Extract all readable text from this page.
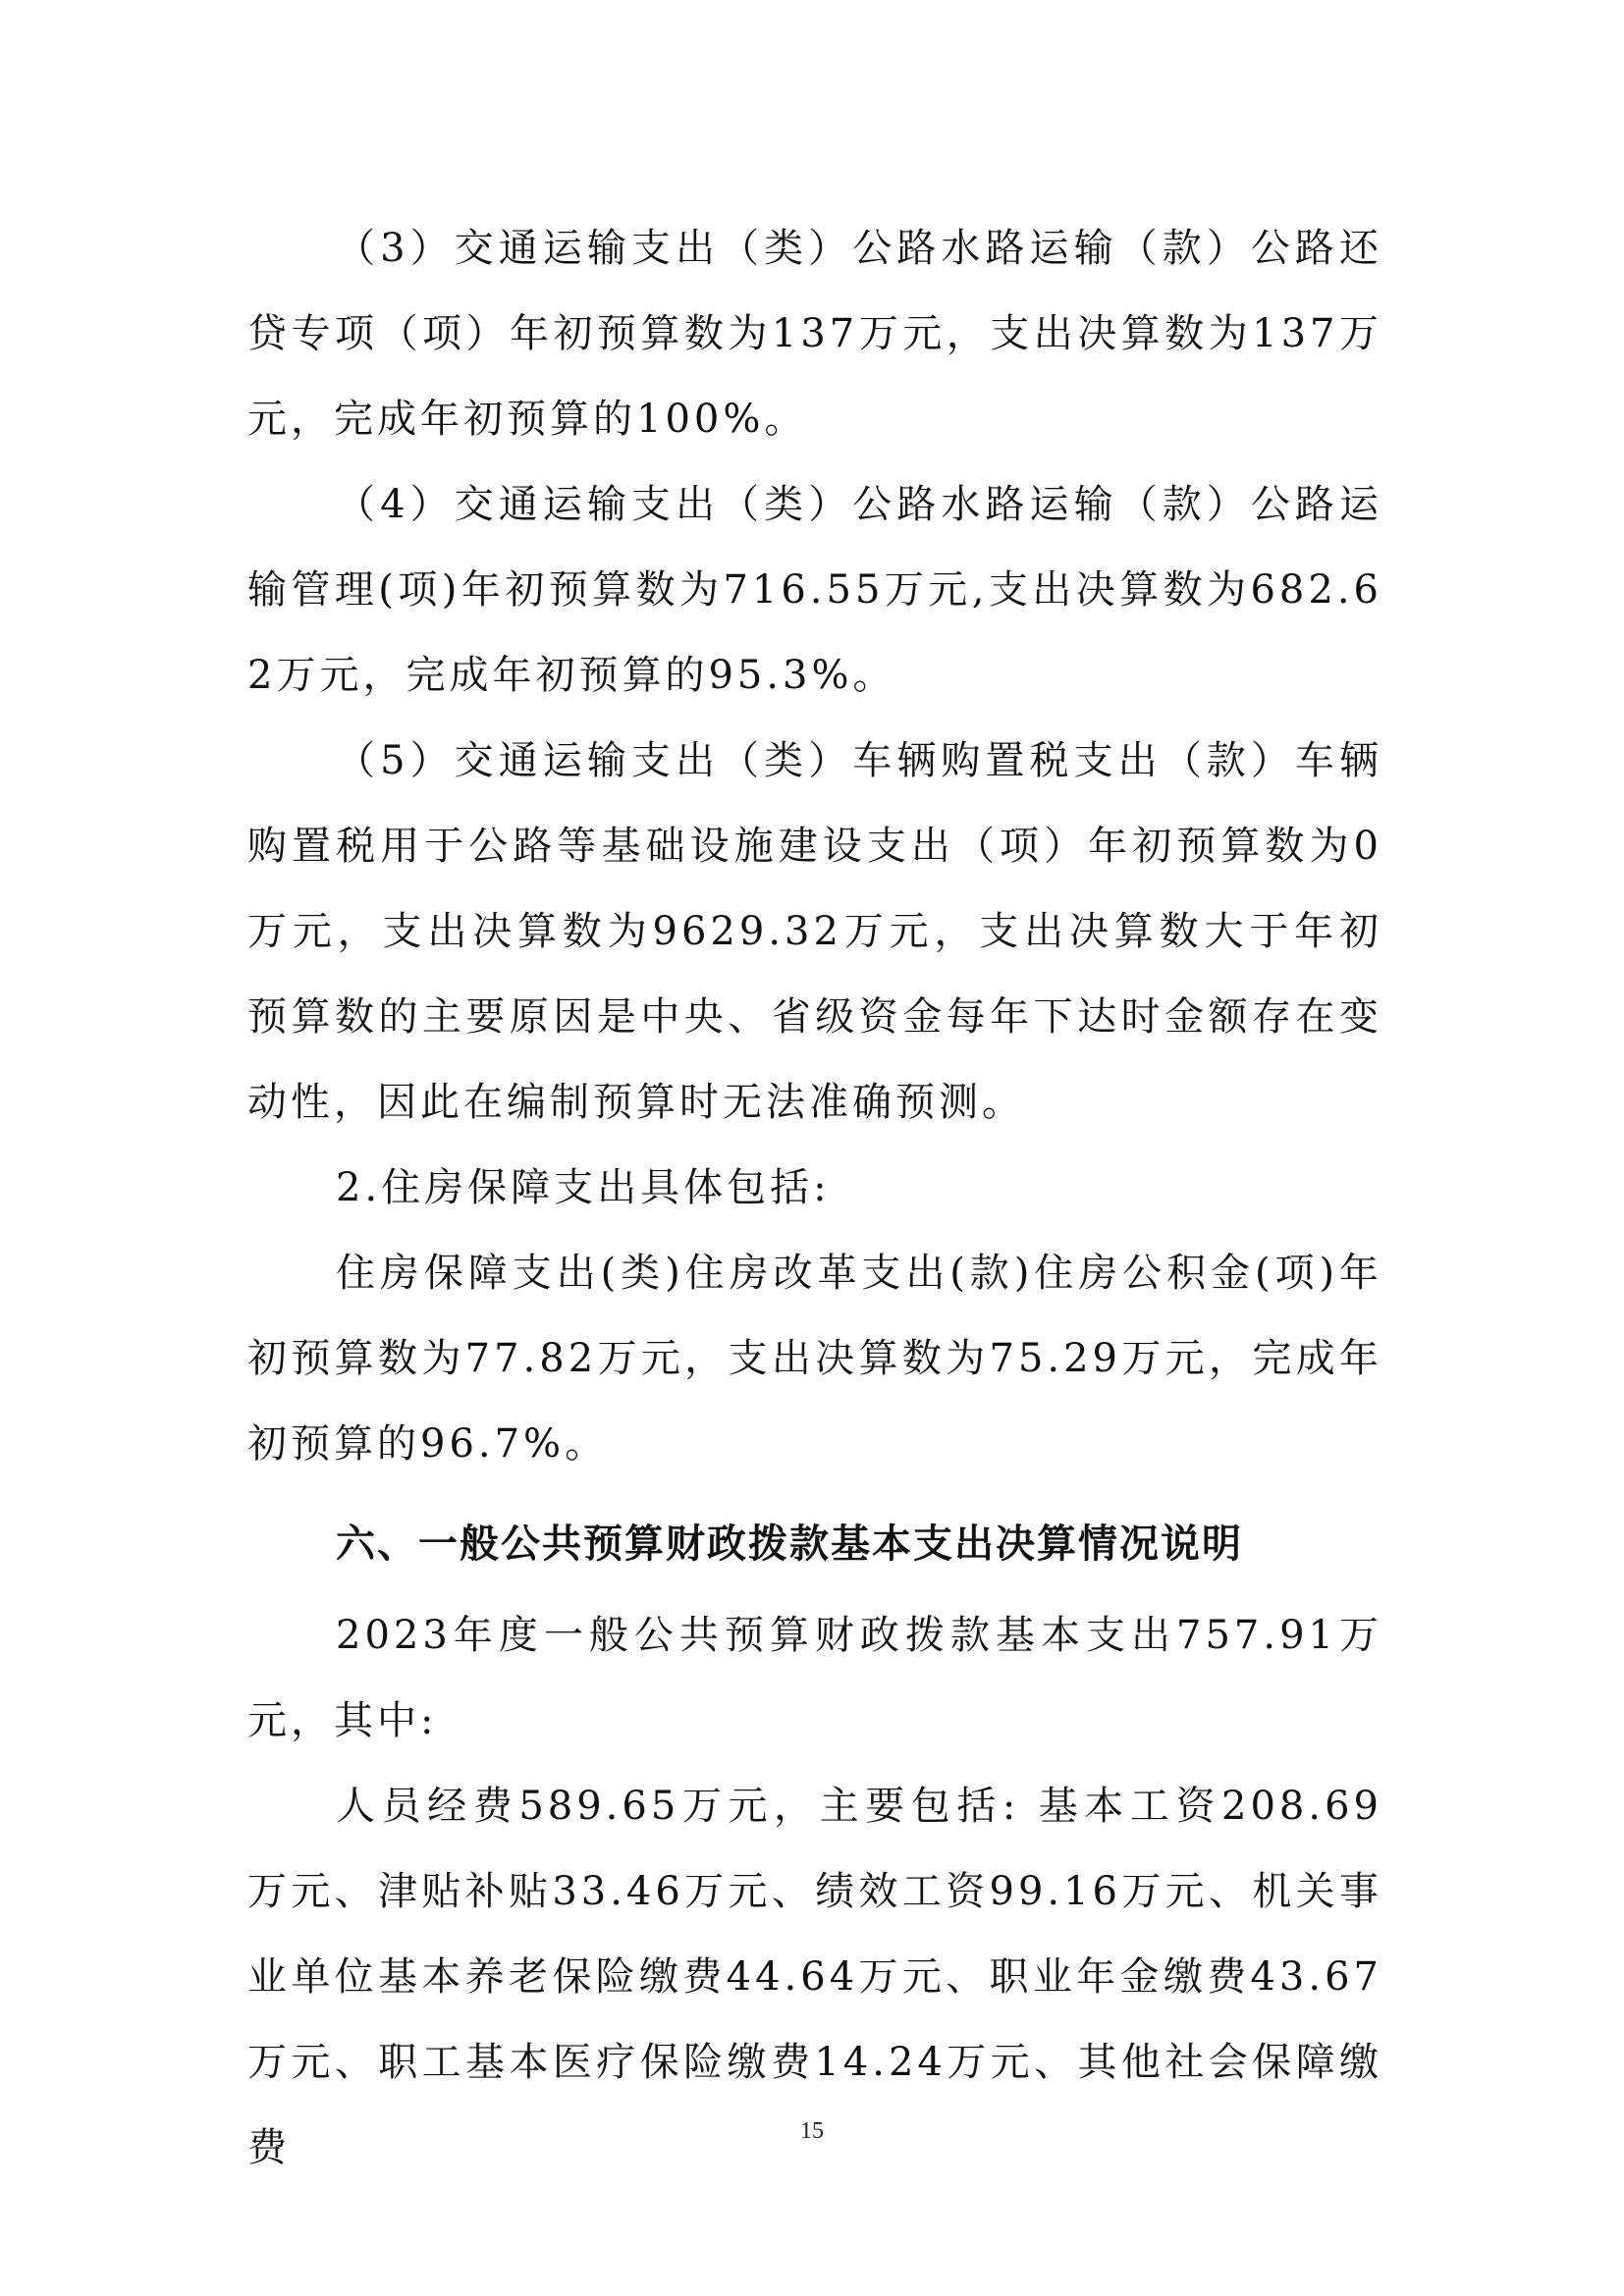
（3）交通运输支出（类）公路水路运输（款）公路还贷专项（项）年初预算数为137万元，支出决算数为137万元，完成年初预算的100%。

（4）交通运输支出（类）公路水路运输（款）公路运输管理(项)年初预算数为716.55万元,支出决算数为682.62万元，完成年初预算的95.3%。

（5）交通运输支出（类）车辆购置税支出（款）车辆购置税用于公路等基础设施建设支出（项）年初预算数为0万元，支出决算数为9629.32万元，支出决算数大于年初预算数的主要原因是中央、省级资金每年下达时金额存在变动性，因此在编制预算时无法准确预测。

2.住房保障支出具体包括:

住房保障支出(类)住房改革支出(款)住房公积金(项)年初预算数为77.82万元，支出决算数为75.29万元，完成年初预算的96.7%。

六、一般公共预算财政拨款基本支出决算情况说明

2023年度一般公共预算财政拨款基本支出757.91万元，其中:

人员经费589.65万元，主要包括: 基本工资208.69万元、津贴补贴33.46万元、绩效工资99.16万元、机关事业单位基本养老保险缴费44.64万元、职业年金缴费43.67万元、职工基本医疗保险缴费14.24万元、其他社会保障缴费	15
